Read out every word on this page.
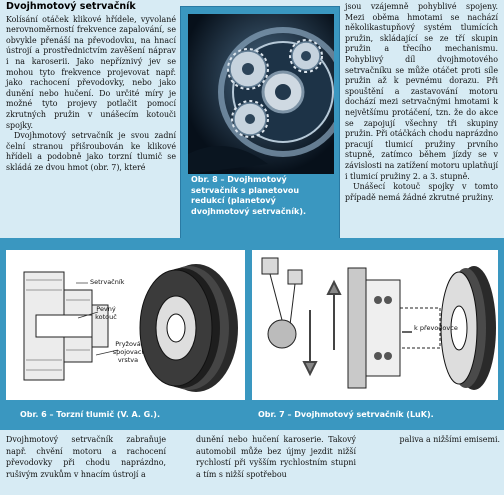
Dvojhmotový setrvačník

Kolísání otáček klikové hřídele, vyvolané nerovnoměrností frekvence zapalování, se obvykle přenáší na převodovku, na hnací ústrojí a prostřednictvím zavěšení náprav i na karoserii. Jako nepříznivý jev se mohou tyto frekvence projevovat např. jako rachocení převodovky, nebo jako dunění nebo hučení. Do určité míry je možné tyto projevy potlačit pomocí zkrutných pružin v unášecím kotouči spojky.

Dvojhmotový setrvačník je svou zadní čelní stranou přišroubován ke klikové hřídeli a podobně jako torzní tlumič se skládá ze dvou hmot (obr. 7), které

Obr. 8 – Dvojhmotový setrvačník s planetovou redukcí (planetový dvojhmotový setrvačník).

jsou vzájemně pohyblivé spojeny. Mezi oběma hmotami se nachází několikastupňový systém tlumících pružin, skládající se ze tří skupin pružin a třecího mechanismu. Pohyblivý díl dvojhmotového setrvačníku se může otáčet proti síle pružin až k pevnému dorazu. Při spouštění a zastavování motoru dochází mezi setrvačnými hmotami k největšímu protáčení, tzn. že do akce se zapojují všechny tři skupiny pružin. Při otáčkách chodu naprázdno pracují tlumicí pružiny prvního stupně, zatímco během jízdy se v závislosti na zatížení motoru uplatňují i tlumicí pružiny 2. a 3. stupně.

Unášecí kotouč spojky v tomto případě nemá žádné zkrutné pružiny.

Setrvačník
Pevný kotouč
Pryžová spojovací vrstva
k převodovce
Obr. 6 – Torzní tlumič (V. A. G.).	Obr. 7 – Dvojhmotový setrvačník (LuK).
Dvojhmotový setrvačník zabraňuje např. chvění motoru a rachocení převodovky při chodu naprázdno, rušivým zvukům v hnacím ústrojí a
dunění nebo hučení karoserie. Takový automobil může bez újmy jezdit nižší rychlostí při vyšším rychlostním stupni a tím s nižší spotřebou
paliva a nižšími emisemi.
